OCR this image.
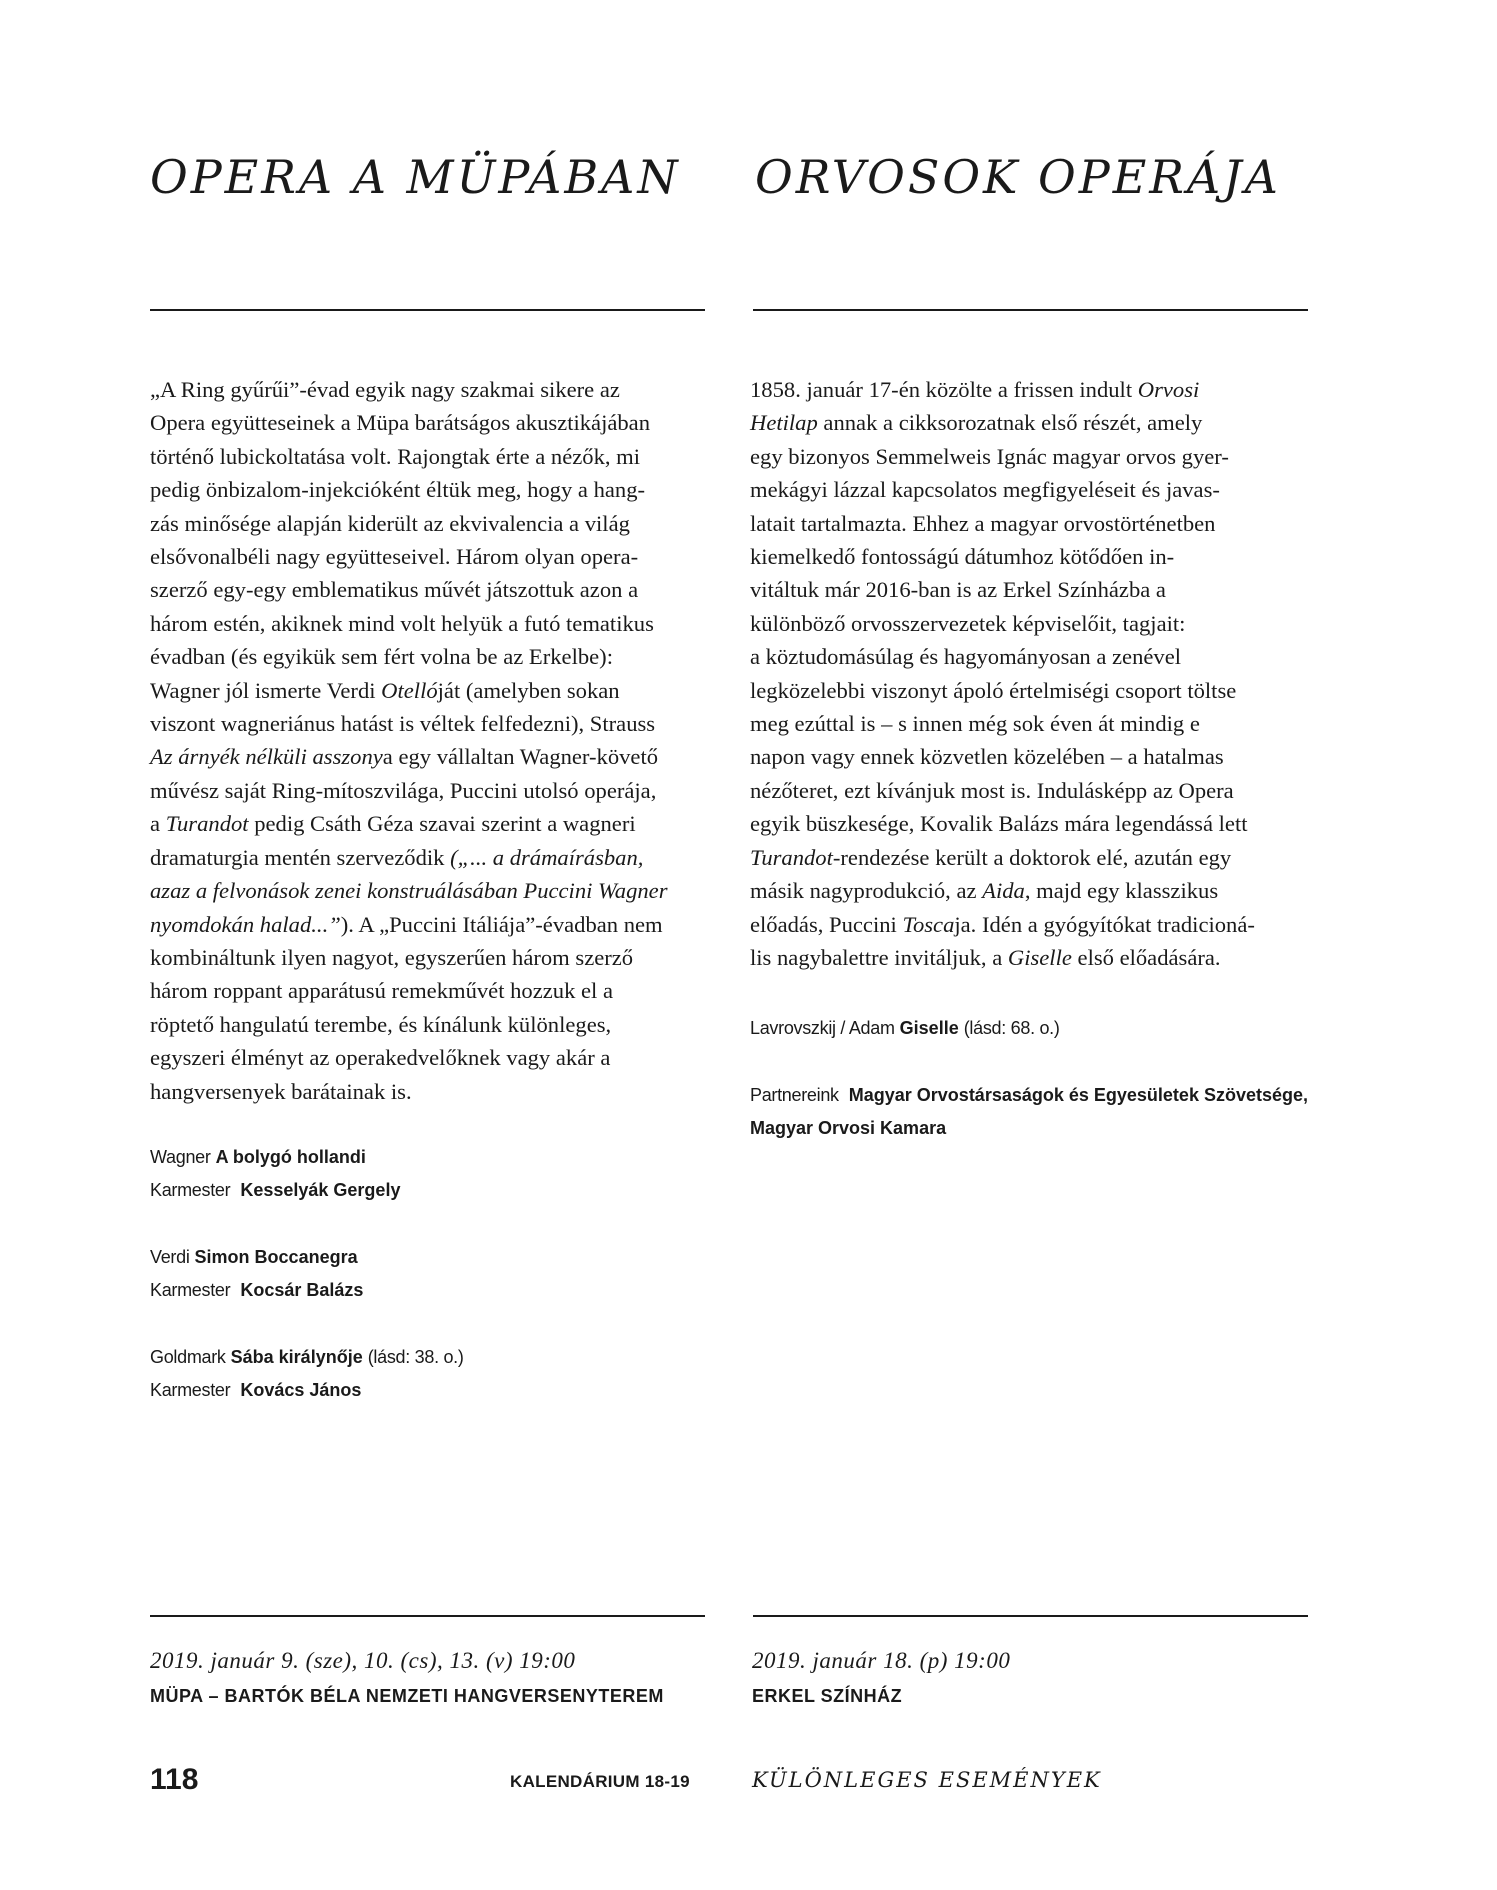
OPERA A MÜPÁBAN
„A Ring gyűrűi”-évad egyik nagy szakmai sikere az
Opera együtteseinek a Müpa barátságos akusztikájában
történő lubickoltatása volt. Rajongtak érte a nézők, mi
pedig önbizalom-injekcióként éltük meg, hogy a hang-
zás minősége alapján kiderült az ekvivalencia a világ
elsővonalbéli nagy együtteseivel. Három olyan opera-
szerző egy-egy emblematikus művét játszottuk azon a
három estén, akiknek mind volt helyük a futó tematikus
évadban (és egyikük sem fért volna be az Erkelbe):
Wagner jól ismerte Verdi Otellóját (amelyben sokan
viszont wagneriánus hatást is véltek felfedezni), Strauss
Az árnyék nélküli asszonya egy vállaltan Wagner-követő
művész saját Ring-mítoszvilága, Puccini utolsó operája,
a Turandot pedig Csáth Géza szavai szerint a wagneri
dramaturgia mentén szerveződik („... a drámaírásban,
azaz a felvonások zenei konstruálásában Puccini Wagner
nyomdokán halad...”). A „Puccini Itáliája”-évadban nem
kombináltunk ilyen nagyot, egyszerűen három szerző
három roppant apparátusú remekművét hozzuk el a
röptető hangulatú terembe, és kínálunk különleges,
egyszeri élményt az operakedvelőknek vagy akár a
hangversenyek barátainak is.
Wagner A bolygó hollandi
Karmester Kesselyák Gergely
Verdi Simon Boccanegra
Karmester Kocsár Balázs
Goldmark Sába királynője (lásd: 38. o.)
Karmester Kovács János
2019. január 9. (sze), 10. (cs), 13. (v) 19:00
MÜPA – BARTÓK BÉLA NEMZETI HANGVERSENYTEREM
ORVOSOK OPERÁJA
1858. január 17-én közölte a frissen indult Orvosi
Hetilap annak a cikksorozatnak első részét, amely
egy bizonyos Semmelweis Ignác magyar orvos gyer-
mekágyi lázzal kapcsolatos megfigyeléseit és javas-
latait tartalmazta. Ehhez a magyar orvostörténetben
kiemelkedő fontosságú dátumhoz kötődően in-
vitáltuk már 2016-ban is az Erkel Színházba a
különböző orvosszervezetek képviselőit, tagjait:
a köztudomásúlag és hagyományosan a zenével
legközelebbi viszonyt ápoló értelmiségi csoport töltse
meg ezúttal is – s innen még sok éven át mindig e
napon vagy ennek közvetlen közelében – a hatalmas
nézőteret, ezt kívánjuk most is. Indulásképp az Opera
egyik büszkesége, Kovalik Balázs mára legendássá lett
Turandot-rendezése került a doktorok elé, azután egy
másik nagyprodukció, az Aida, majd egy klasszikus
előadás, Puccini Toscaja. Idén a gyógyítókat tradicioná-
lis nagybalettre invitáljuk, a Giselle első előadására.
Lavrovszkij / Adam Giselle (lásd: 68. o.)
Partnereink Magyar Orvostársaságok és Egyesületek Szövetsége,
Magyar Orvosi Kamara
2019. január 18. (p) 19:00
ERKEL SZÍNHÁZ
118	KALENDÁRIUM 18-19	KÜLÖNLEGES ESEMÉNYEK
